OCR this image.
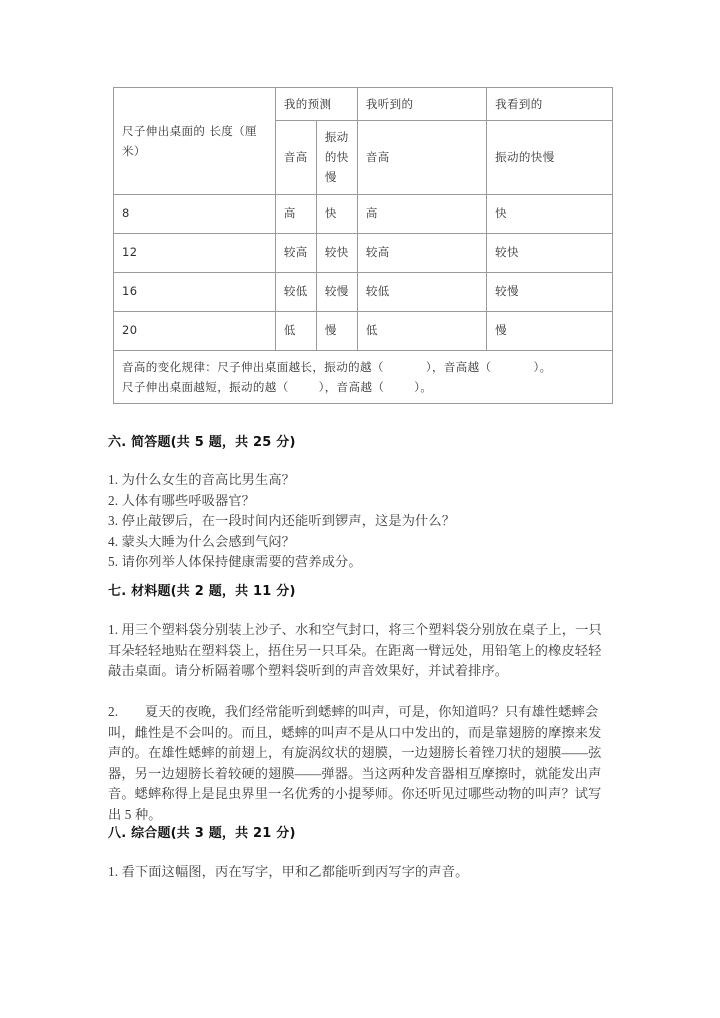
尺子伸出桌面的 长度（厘米）	我的预测		我听到的	我看到的
	音高	振动的快慢	音高	振动的快慢
8	高	快	高	快
12	较高	较快	较高	较快
16	较低	较慢	较低	较慢
20	低	慢	低	慢
音高的变化规律：尺子伸出桌面越长，振动的越（ ），音高越（ ）。
尺子伸出桌面越短，振动的越（ ），音高越（ ）。				
六. 简答题(共 5 题，共 25 分)

1. 为什么女生的音高比男生高？

2. 人体有哪些呼吸器官？

3. 停止敲锣后，在一段时间内还能听到锣声，这是为什么？

4. 蒙头大睡为什么会感到气闷？

5. 请你列举人体保持健康需要的营养成分。

七. 材料题(共 2 题，共 11 分)

1. 用三个塑料袋分别装上沙子、水和空气封口，将三个塑料袋分别放在桌子上，一只耳朵轻轻地贴在塑料袋上，捂住另一只耳朵。在距离一臂远处，用铅笔上的橡皮轻轻敲击桌面。请分析隔着哪个塑料袋听到的声音效果好，并试着排序。

2.　　夏天的夜晚，我们经常能听到蟋蟀的叫声，可是，你知道吗？只有雄性蟋蟀会叫，雌性是不会叫的。而且，蟋蟀的叫声不是从口中发出的，而是靠翅膀的摩擦来发声的。在雄性蟋蟀的前翅上，有旋涡纹状的翅膜，一边翅膀长着锉刀状的翅膜——弦器，另一边翅膀长着较硬的翅膜——弹器。当这两种发音器相互摩擦时，就能发出声音。蟋蟀称得上是昆虫界里一名优秀的小提琴师。你还听见过哪些动物的叫声？试写出 5 种。

八. 综合题(共 3 题，共 21 分)

1. 看下面这幅图，丙在写字，甲和乙都能听到丙写字的声音。
